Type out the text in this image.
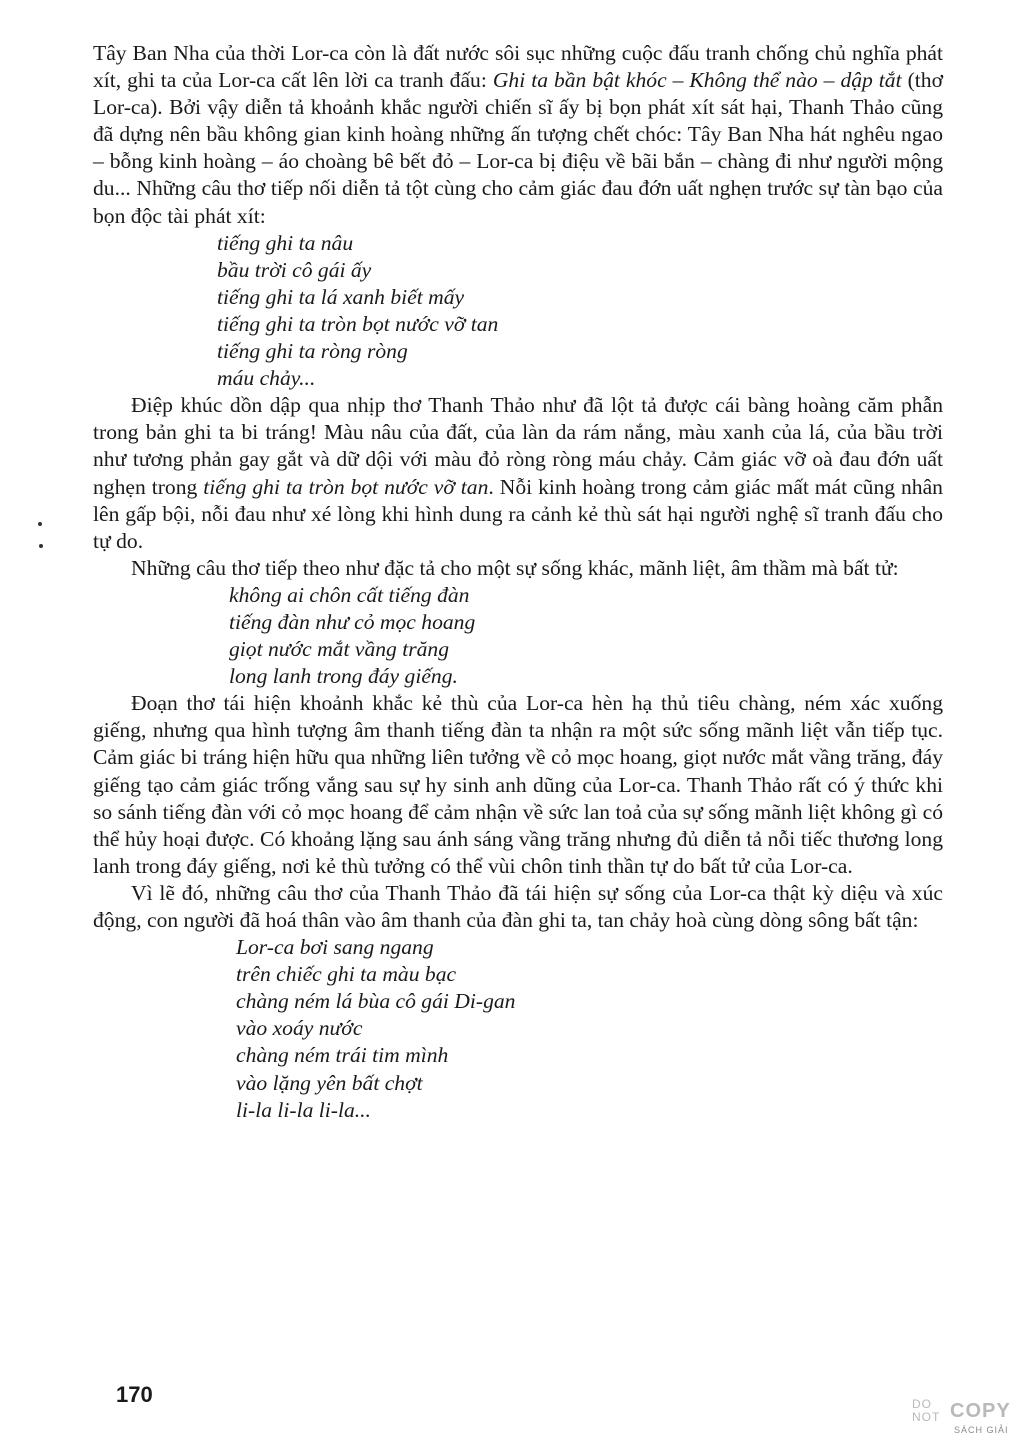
Tây Ban Nha của thời Lor-ca còn là đất nước sôi sục những cuộc đấu tranh chống chủ nghĩa phát xít, ghi ta của Lor-ca cất lên lời ca tranh đấu: Ghi ta bần bật khóc – Không thể nào – dập tắt (thơ Lor-ca). Bởi vậy diễn tả khoảnh khắc người chiến sĩ ấy bị bọn phát xít sát hại, Thanh Thảo cũng đã dựng nên bầu không gian kinh hoàng những ấn tượng chết chóc: Tây Ban Nha hát nghêu ngao – bỗng kinh hoàng – áo choàng bê bết đỏ – Lor-ca bị điệu về bãi bắn – chàng đi như người mộng du... Những câu thơ tiếp nối diễn tả tột cùng cho cảm giác đau đớn uất nghẹn trước sự tàn bạo của bọn độc tài phát xít:

tiếng ghi ta nâu
bầu trời cô gái ấy
tiếng ghi ta lá xanh biết mấy
tiếng ghi ta tròn bọt nước vỡ tan
tiếng ghi ta ròng ròng
máu chảy...

Điệp khúc dồn dập qua nhịp thơ Thanh Thảo như đã lột tả được cái bàng hoàng căm phẫn trong bản ghi ta bi tráng! Màu nâu của đất, của làn da rám nắng, màu xanh của lá, của bầu trời như tương phản gay gắt và dữ dội với màu đỏ ròng ròng máu chảy. Cảm giác vỡ oà đau đớn uất nghẹn trong tiếng ghi ta tròn bọt nước vỡ tan. Nỗi kinh hoàng trong cảm giác mất mát cũng nhân lên gấp bội, nỗi đau như xé lòng khi hình dung ra cảnh kẻ thù sát hại người nghệ sĩ tranh đấu cho tự do.

Những câu thơ tiếp theo như đặc tả cho một sự sống khác, mãnh liệt, âm thầm mà bất tử:

không ai chôn cất tiếng đàn
tiếng đàn như cỏ mọc hoang
giọt nước mắt vầng trăng
long lanh trong đáy giếng.

Đoạn thơ tái hiện khoảnh khắc kẻ thù của Lor-ca hèn hạ thủ tiêu chàng, ném xác xuống giếng, nhưng qua hình tượng âm thanh tiếng đàn ta nhận ra một sức sống mãnh liệt vẫn tiếp tục. Cảm giác bi tráng hiện hữu qua những liên tưởng về cỏ mọc hoang, giọt nước mắt vầng trăng, đáy giếng tạo cảm giác trống vắng sau sự hy sinh anh dũng của Lor-ca. Thanh Thảo rất có ý thức khi so sánh tiếng đàn với cỏ mọc hoang để cảm nhận về sức lan toả của sự sống mãnh liệt không gì có thể hủy hoại được. Có khoảng lặng sau ánh sáng vầng trăng nhưng đủ diễn tả nỗi tiếc thương long lanh trong đáy giếng, nơi kẻ thù tưởng có thể vùi chôn tinh thần tự do bất tử của Lor-ca.

Vì lẽ đó, những câu thơ của Thanh Thảo đã tái hiện sự sống của Lor-ca thật kỳ diệu và xúc động, con người đã hoá thân vào âm thanh của đàn ghi ta, tan chảy hoà cùng dòng sông bất tận:

Lor-ca bơi sang ngang
trên chiếc ghi ta màu bạc
chàng ném lá bùa cô gái Di-gan
vào xoáy nước
chàng ném trái tim mình
vào lặng yên bất chợt
li-la li-la li-la...
170	DO
NOT COPY
SÁCH GIẢI
